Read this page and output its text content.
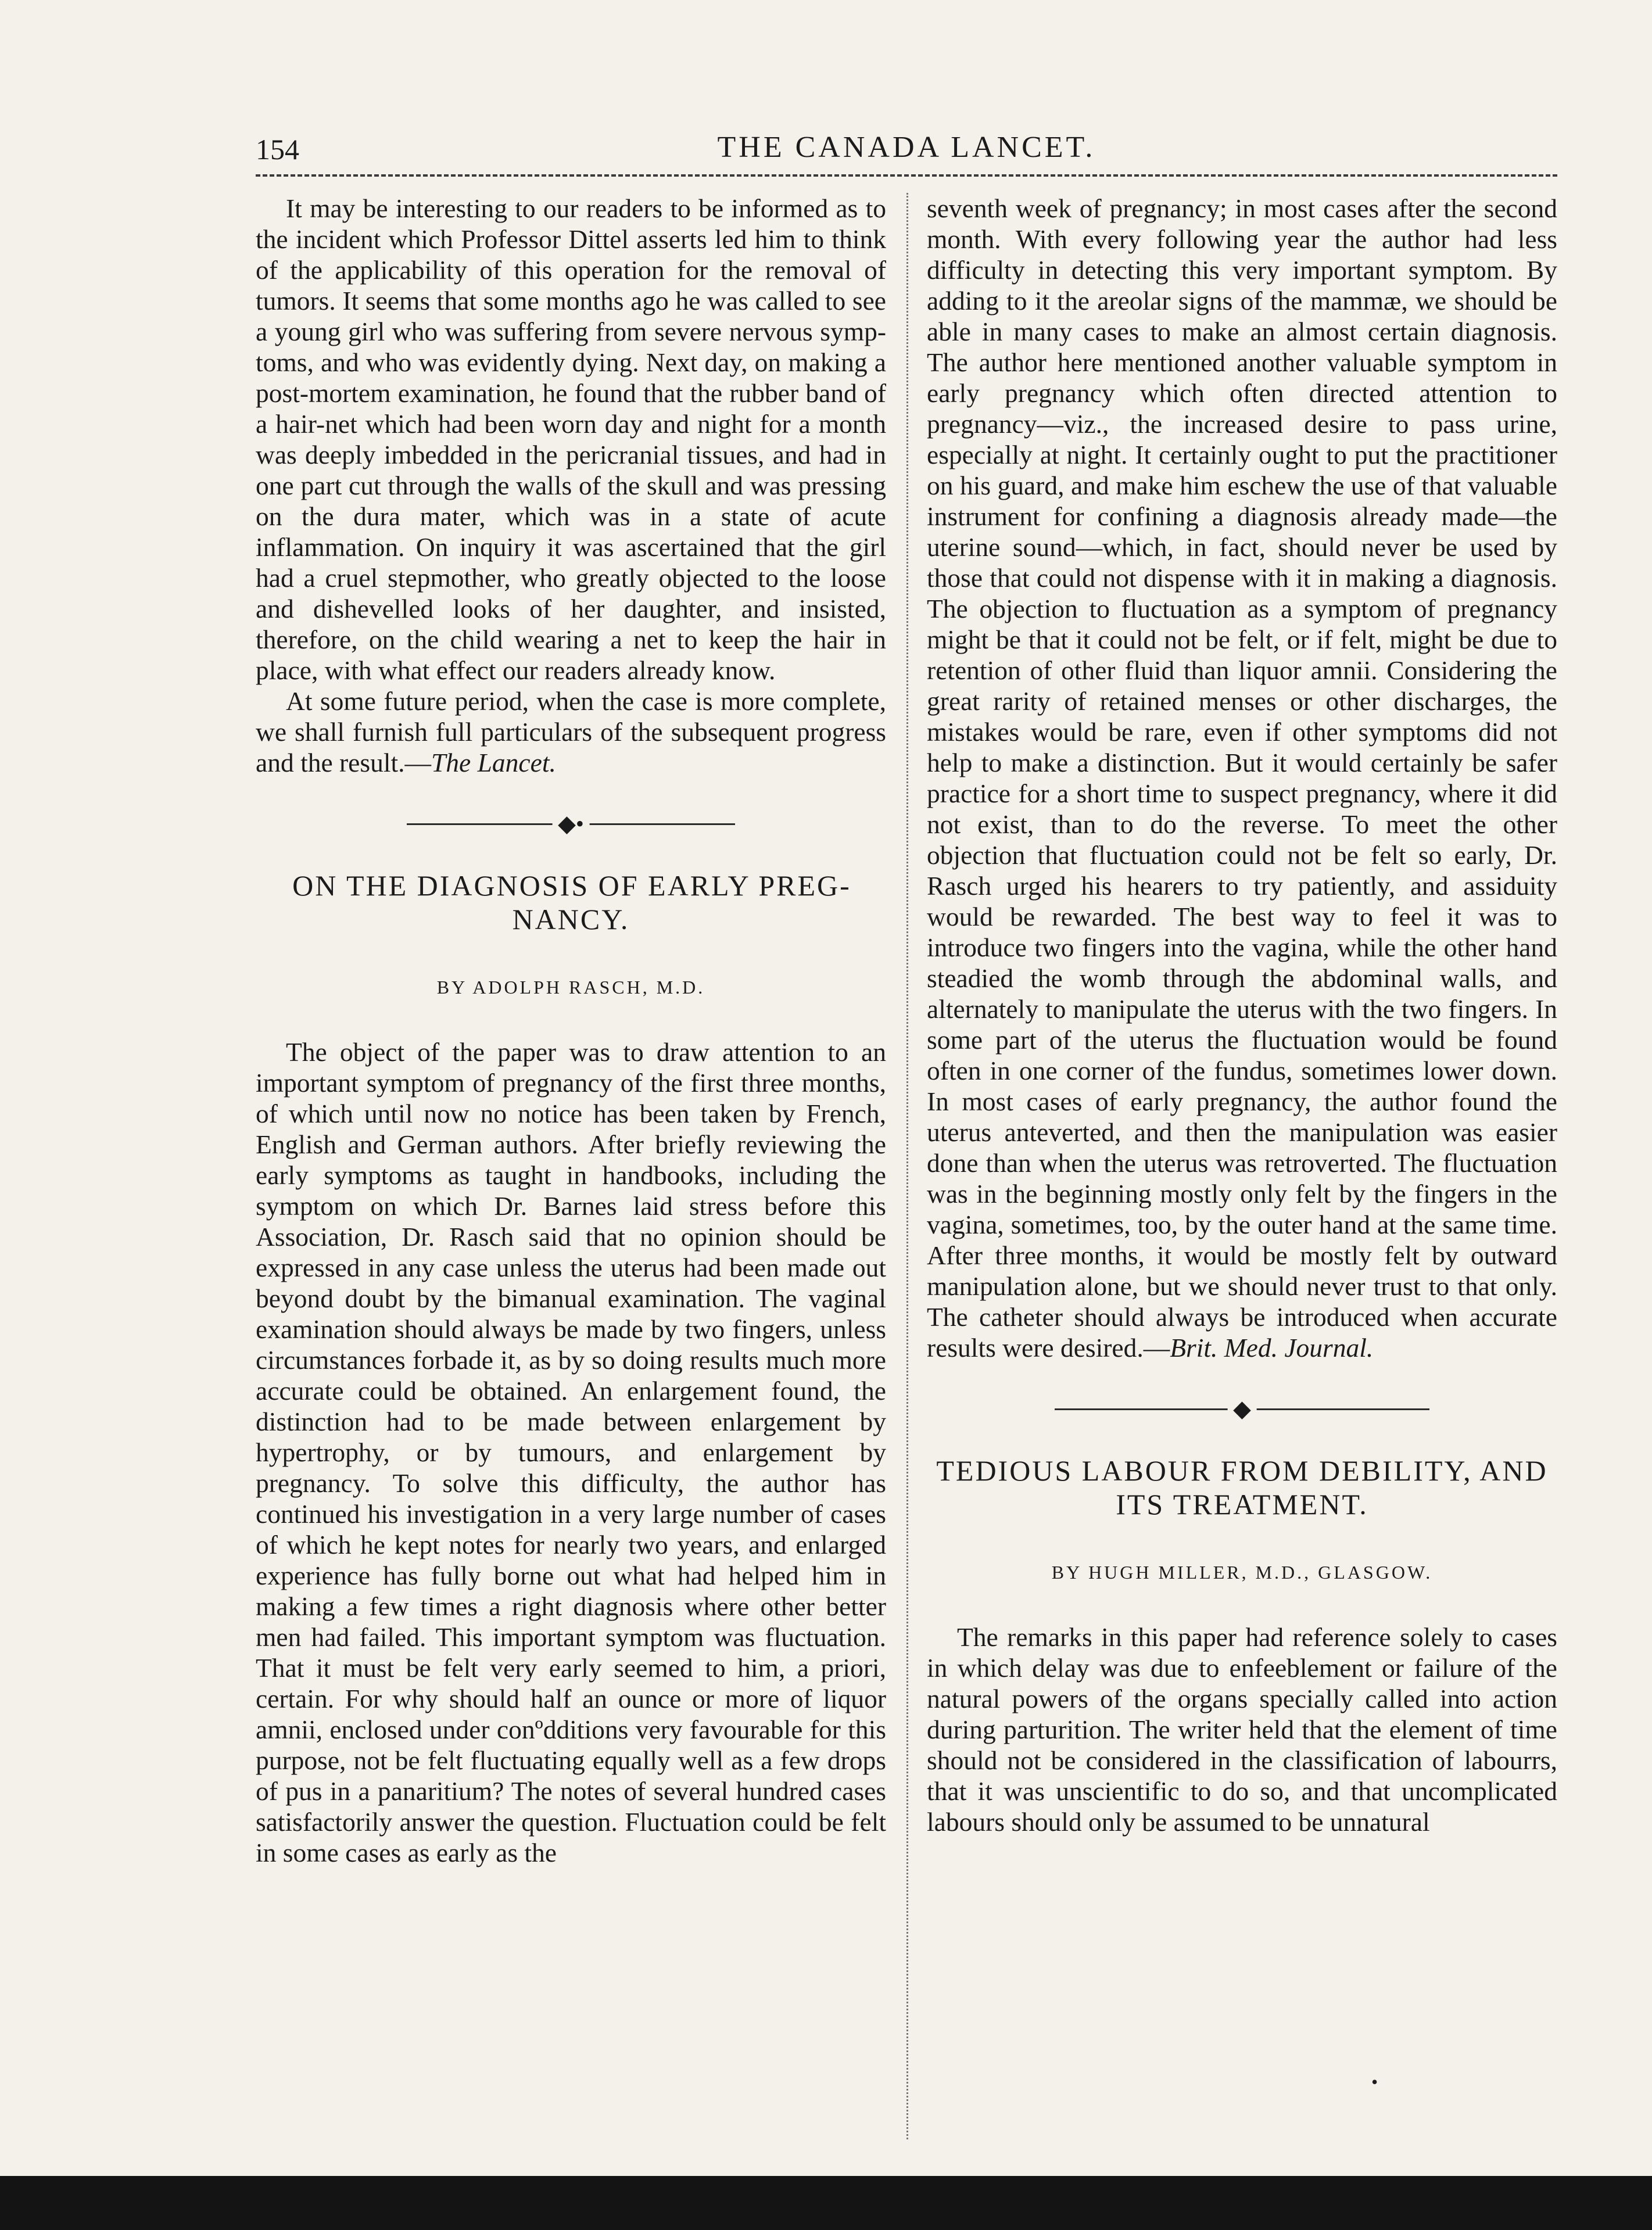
154	THE CANADA LANCET.

It may be interesting to our readers to be informed as to the incident which Professor Dittel asserts led him to think of the applicability of this operation for the removal of tumors. It seems that some months ago he was called to see a young girl who was suffering from severe nervous symptoms, and who was evidently dying. Next day, on making a post-mortem examination, he found that the rubber band of a hair-net which had been worn day and night for a month was deeply imbedded in the pericranial tissues, and had in one part cut through the walls of the skull and was pressing on the dura mater, which was in a state of acute inflammation. On inquiry it was ascertained that the girl had a cruel stepmother, who greatly objected to the loose and dishevelled looks of her daughter, and insisted, therefore, on the child wearing a net to keep the hair in place, with what effect our readers already know.

At some future period, when the case is more complete, we shall furnish full particulars of the subsequent progress and the result.—The Lancet.

◆•
ON THE DIAGNOSIS OF EARLY PREGNANCY.
BY ADOLPH RASCH, M.D.

The object of the paper was to draw attention to an important symptom of pregnancy of the first three months, of which until now no notice has been taken by French, English and German authors. After briefly reviewing the early symptoms as taught in handbooks, including the symptom on which Dr. Barnes laid stress before this Association, Dr. Rasch said that no opinion should be expressed in any case unless the uterus had been made out beyond doubt by the bimanual examination. The vaginal examination should always be made by two fingers, unless circumstances forbade it, as by so doing results much more accurate could be obtained. An enlargement found, the distinction had to be made between enlargement by hypertrophy, or by tumours, and enlargement by pregnancy. To solve this difficulty, the author has continued his investigation in a very large number of cases of which he kept notes for nearly two years, and enlarged experience has fully borne out what had helped him in making a few times a right diagnosis where other better men had failed. This important symptom was fluctuation. That it must be felt very early seemed to him, a priori, certain. For why should half an ounce or more of liquor amnii, enclosed under conºdditions very favourable for this purpose, not be felt fluctuating equally well as a few drops of pus in a panaritium? The notes of several hundred cases satisfactorily answer the question. Fluctuation could be felt in some cases as early as the

seventh week of pregnancy; in most cases after the second month. With every following year the author had less difficulty in detecting this very important symptom. By adding to it the areolar signs of the mammæ, we should be able in many cases to make an almost certain diagnosis. The author here mentioned another valuable symptom in early pregnancy which often directed attention to pregnancy—viz., the increased desire to pass urine, especially at night. It certainly ought to put the practitioner on his guard, and make him eschew the use of that valuable instrument for confining a diagnosis already made—the uterine sound—which, in fact, should never be used by those that could not dispense with it in making a diagnosis. The objection to fluctuation as a symptom of pregnancy might be that it could not be felt, or if felt, might be due to retention of other fluid than liquor amnii. Considering the great rarity of retained menses or other discharges, the mistakes would be rare, even if other symptoms did not help to make a distinction. But it would certainly be safer practice for a short time to suspect pregnancy, where it did not exist, than to do the reverse. To meet the other objection that fluctuation could not be felt so early, Dr. Rasch urged his hearers to try patiently, and assiduity would be rewarded. The best way to feel it was to introduce two fingers into the vagina, while the other hand steadied the womb through the abdominal walls, and alternately to manipulate the uterus with the two fingers. In some part of the uterus the fluctuation would be found often in one corner of the fundus, sometimes lower down. In most cases of early pregnancy, the author found the uterus anteverted, and then the manipulation was easier done than when the uterus was retroverted. The fluctuation was in the beginning mostly only felt by the fingers in the vagina, sometimes, too, by the outer hand at the same time. After three months, it would be mostly felt by outward manipulation alone, but we should never trust to that only. The catheter should always be introduced when accurate results were desired.—Brit. Med. Journal.

◆
TEDIOUS LABOUR FROM DEBILITY, AND ITS TREATMENT.
BY HUGH MILLER, M.D., GLASGOW.

The remarks in this paper had reference solely to cases in which delay was due to enfeeblement or failure of the natural powers of the organs specially called into action during parturition. The writer held that the element of time should not be considered in the classification of labourrs, that it was unscientific to do so, and that uncomplicated labours should only be assumed to be unnatural

•
